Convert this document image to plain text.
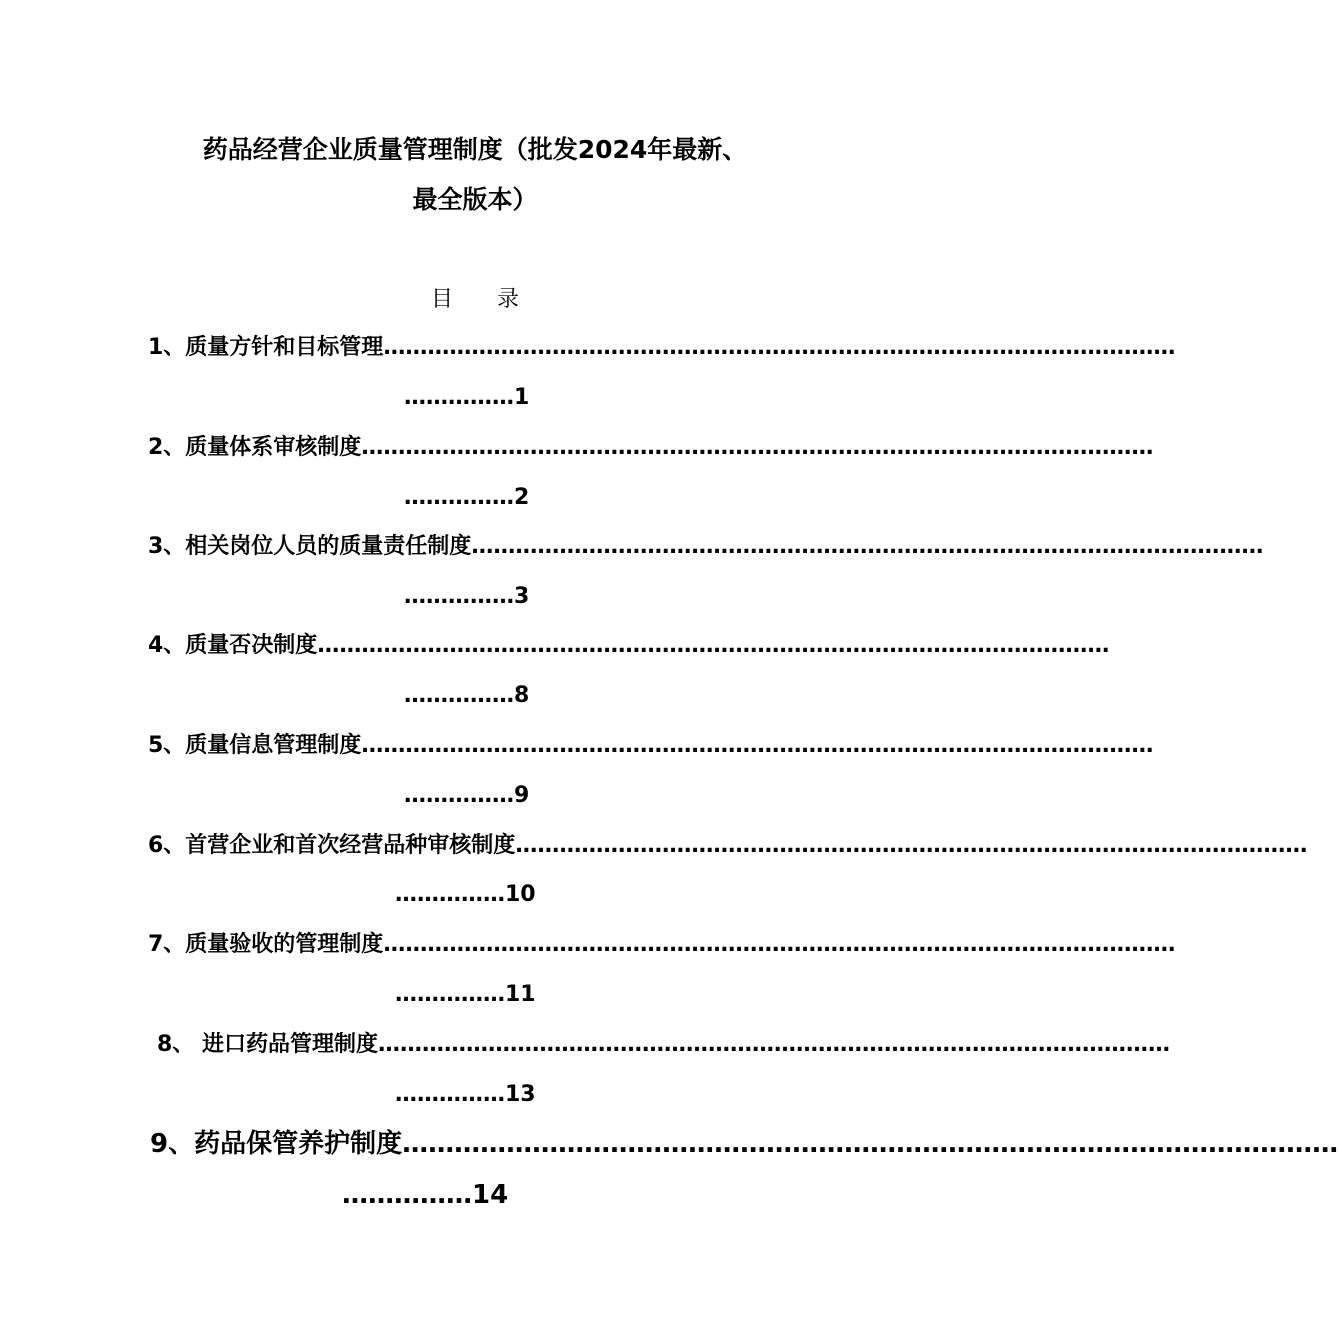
药品经营企业质量管理制度（批发2024年最新、
最全版本）
目　　录
1、质量方针和目标管理………………………………………………………………………………………………
……………1
2、质量体系审核制度………………………………………………………………………………………………
……………2
3、相关岗位人员的质量责任制度………………………………………………………………………………………………
……………3
4、质量否决制度………………………………………………………………………………………………
……………8
5、质量信息管理制度………………………………………………………………………………………………
……………9
6、首营企业和首次经营品种审核制度………………………………………………………………………………………………
……………10
7、质量验收的管理制度………………………………………………………………………………………………
……………11
8、 进口药品管理制度………………………………………………………………………………………………
……………13
9、药品保管养护制度………………………………………………………………………………………………
……………14
